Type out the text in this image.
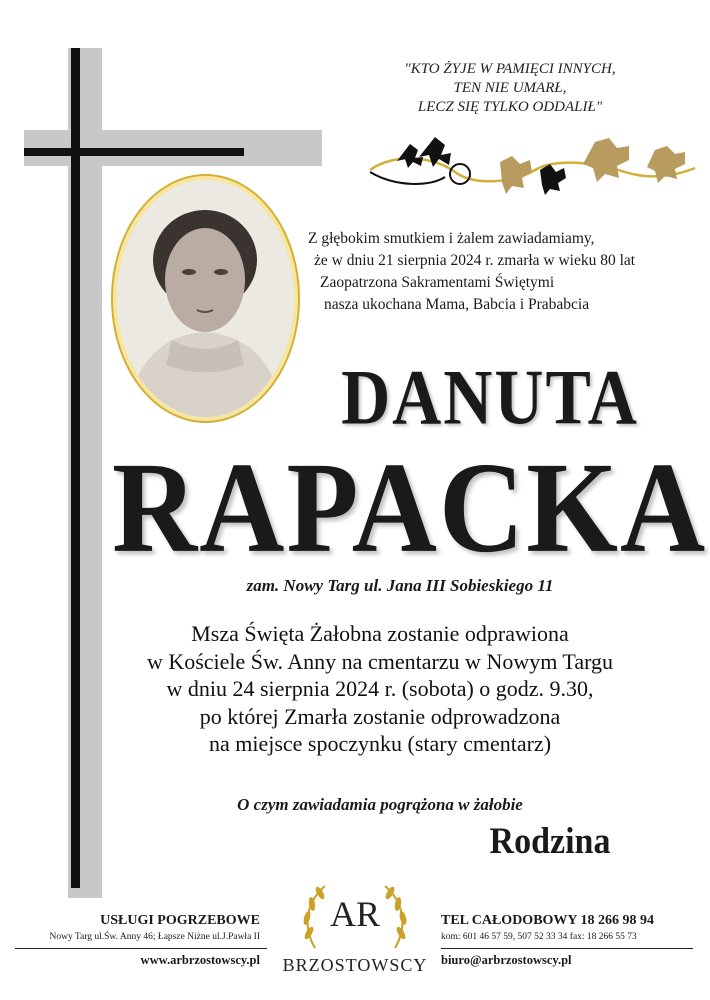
"KTO ŻYJE W PAMIĘCI INNYCH,
TEN NIE UMARŁ,
LECZ SIĘ TYLKO ODDALIŁ"
Z głębokim smutkiem i żalem zawiadamiamy,
że w dniu 21 sierpnia 2024 r. zmarła w wieku 80 lat
Zaopatrzona Sakramentami Świętymi
nasza ukochana Mama, Babcia i Prababcia
DANUTA
RAPACKA
zam. Nowy Targ ul. Jana III Sobieskiego 11
Msza Święta Żałobna zostanie odprawiona
w Kościele Św. Anny na cmentarzu w Nowym Targu
w dniu 24 sierpnia 2024 r. (sobota) o godz. 9.30,
po której Zmarła zostanie odprowadzona
na miejsce spoczynku (stary cmentarz)
O czym zawiadamia pogrążona w żałobie
Rodzina
USŁUGI POGRZEBOWE
Nowy Targ ul.Św. Anny 46; Łapsze Niżne ul.J.Pawła II
www.arbrzostowscy.pl
AR
BRZOSTOWSCY
TEL CAŁODOBOWY 18 266 98 94
kom: 601 46 57 59, 507 52 33 34 fax: 18 266 55 73
biuro@arbrzostowscy.pl
